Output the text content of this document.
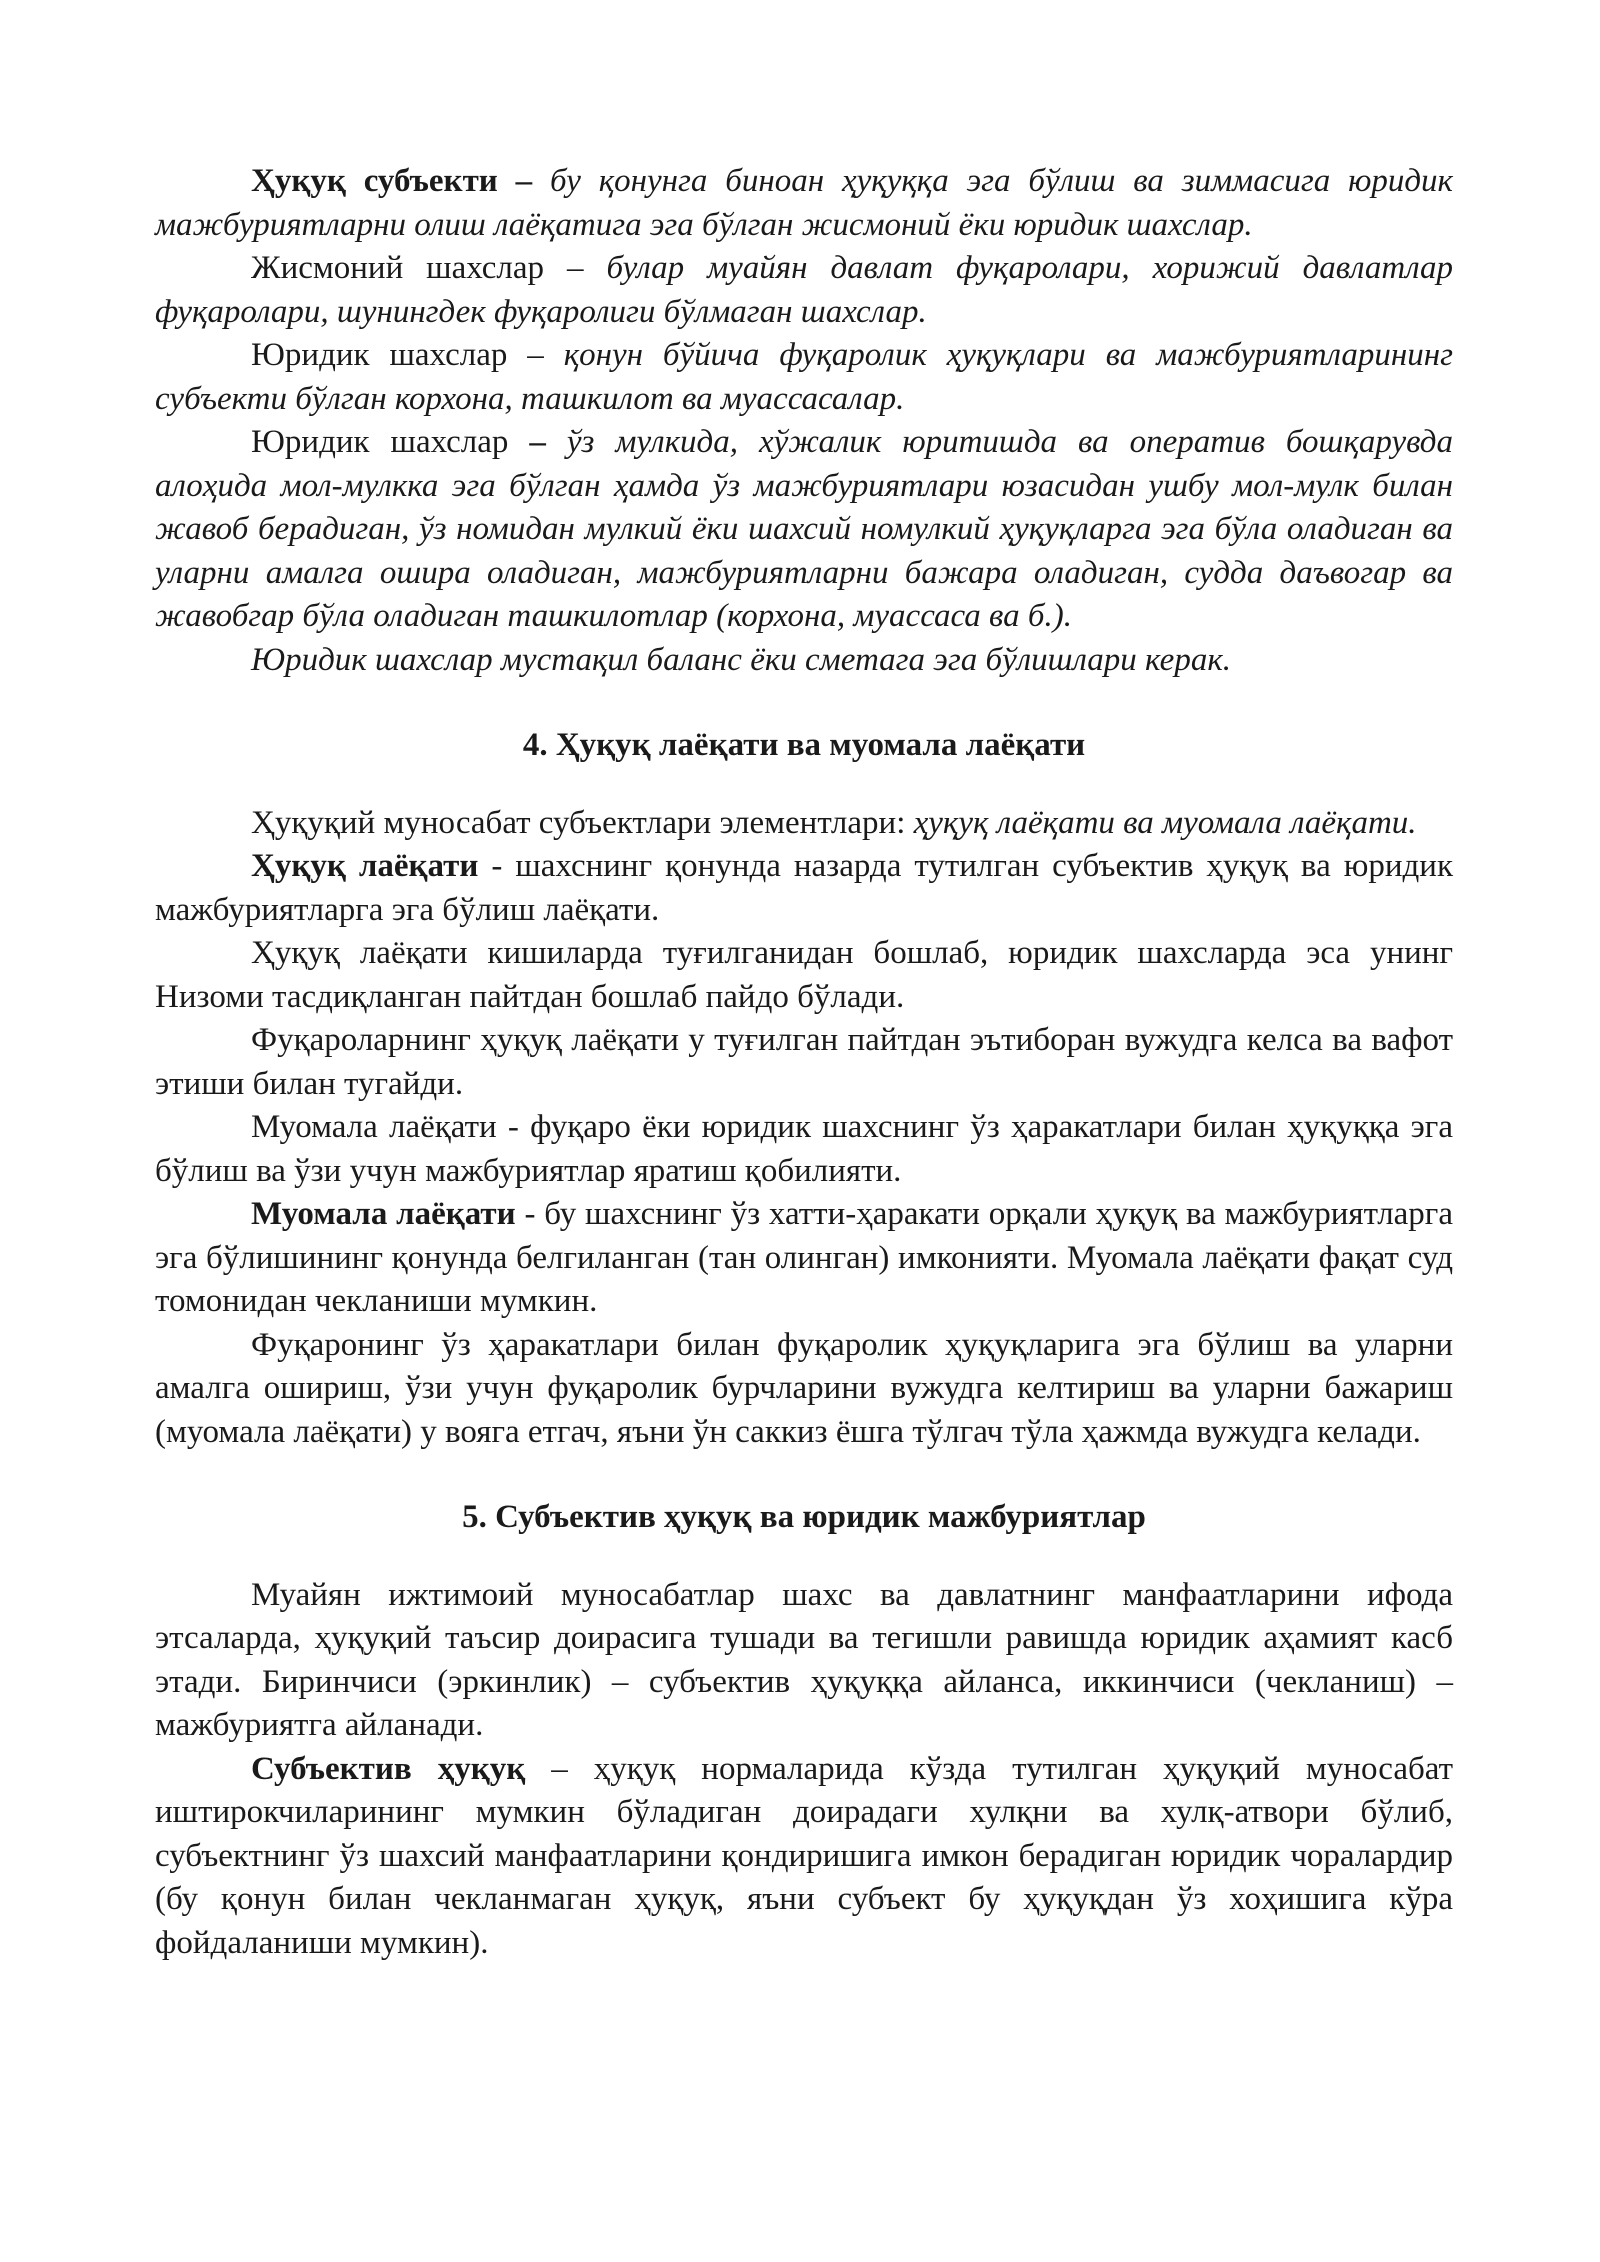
Ҳуқуқ субъекти – бу қонунга биноан ҳуқуққа эга бўлиш ва зиммасига юридик мажбуриятларни олиш лаёқатига эга бўлган жисмоний ёки юридик шахслар.

Жисмоний шахслар – булар муайян давлат фуқаролари, хорижий давлатлар фуқаролари, шунингдек фуқаролиги бўлмаган шахслар.

Юридик шахслар – қонун бўйича фуқаролик ҳуқуқлари ва мажбуриятларининг субъекти бўлган корхона, ташкилот ва муассасалар.

Юридик шахслар – ўз мулкида, хўжалик юритишда ва оператив бошқарувда алоҳида мол-мулкка эга бўлган ҳамда ўз мажбуриятлари юзасидан ушбу мол-мулк билан жавоб берадиган, ўз номидан мулкий ёки шахсий номулкий ҳуқуқларга эга бўла оладиган ва уларни амалга ошира оладиган, мажбуриятларни бажара оладиган, судда даъвогар ва жавобгар бўла оладиган ташкилотлар (корхона, муассаса ва б.).

Юридик шахслар мустақил баланс ёки сметага эга бўлишлари керак.

4. Ҳуқуқ лаёқати ва муомала лаёқати

Ҳуқуқий муносабат субъектлари элементлари: ҳуқуқ лаёқати ва муомала лаёқати.

Ҳуқуқ лаёқати - шахснинг қонунда назарда тутилган субъектив ҳуқуқ ва юридик мажбуриятларга эга бўлиш лаёқати.

Ҳуқуқ лаёқати кишиларда туғилганидан бошлаб, юридик шахсларда эса унинг Низоми тасдиқланган пайтдан бошлаб пайдо бўлади.

Фуқароларнинг ҳуқуқ лаёқати у туғилган пайтдан эътиборан вужудга келса ва вафот этиши билан тугайди.

Муомала лаёқати - фуқаро ёки юридик шахснинг ўз ҳаракатлари билан ҳуқуққа эга бўлиш ва ўзи учун мажбуриятлар яратиш қобилияти.

Муомала лаёқати - бу шахснинг ўз хатти-ҳаракати орқали ҳуқуқ ва мажбуриятларга эга бўлишининг қонунда белгиланган (тан олинган) имконияти. Муомала лаёқати фақат суд томонидан чекланиши мумкин.

Фуқаронинг ўз ҳаракатлари билан фуқаролик ҳуқуқларига эга бўлиш ва уларни амалга ошириш, ўзи учун фуқаролик бурчларини вужудга келтириш ва уларни бажариш (муомала лаёқати) у вояга етгач, яъни ўн саккиз ёшга тўлгач тўла ҳажмда вужудга келади.

5. Субъектив ҳуқуқ ва юридик мажбуриятлар

Муайян ижтимоий муносабатлар шахс ва давлатнинг манфаатларини ифода этсаларда, ҳуқуқий таъсир доирасига тушади ва тегишли равишда юридик аҳамият касб этади. Биринчиси (эркинлик) – субъектив ҳуқуққа айланса, иккинчиси (чекланиш) – мажбуриятга айланади.

Субъектив ҳуқуқ – ҳуқуқ нормаларида кўзда тутилган ҳуқуқий муносабат иштирокчиларининг мумкин бўладиган доирадаги хулқни ва хулқ-атвори бўлиб, субъектнинг ўз шахсий манфаатларини қондиришига имкон берадиган юридик чоралардир (бу қонун билан чекланмаган ҳуқуқ, яъни субъект бу ҳуқуқдан ўз хоҳишига кўра фойдаланиши мумкин).
